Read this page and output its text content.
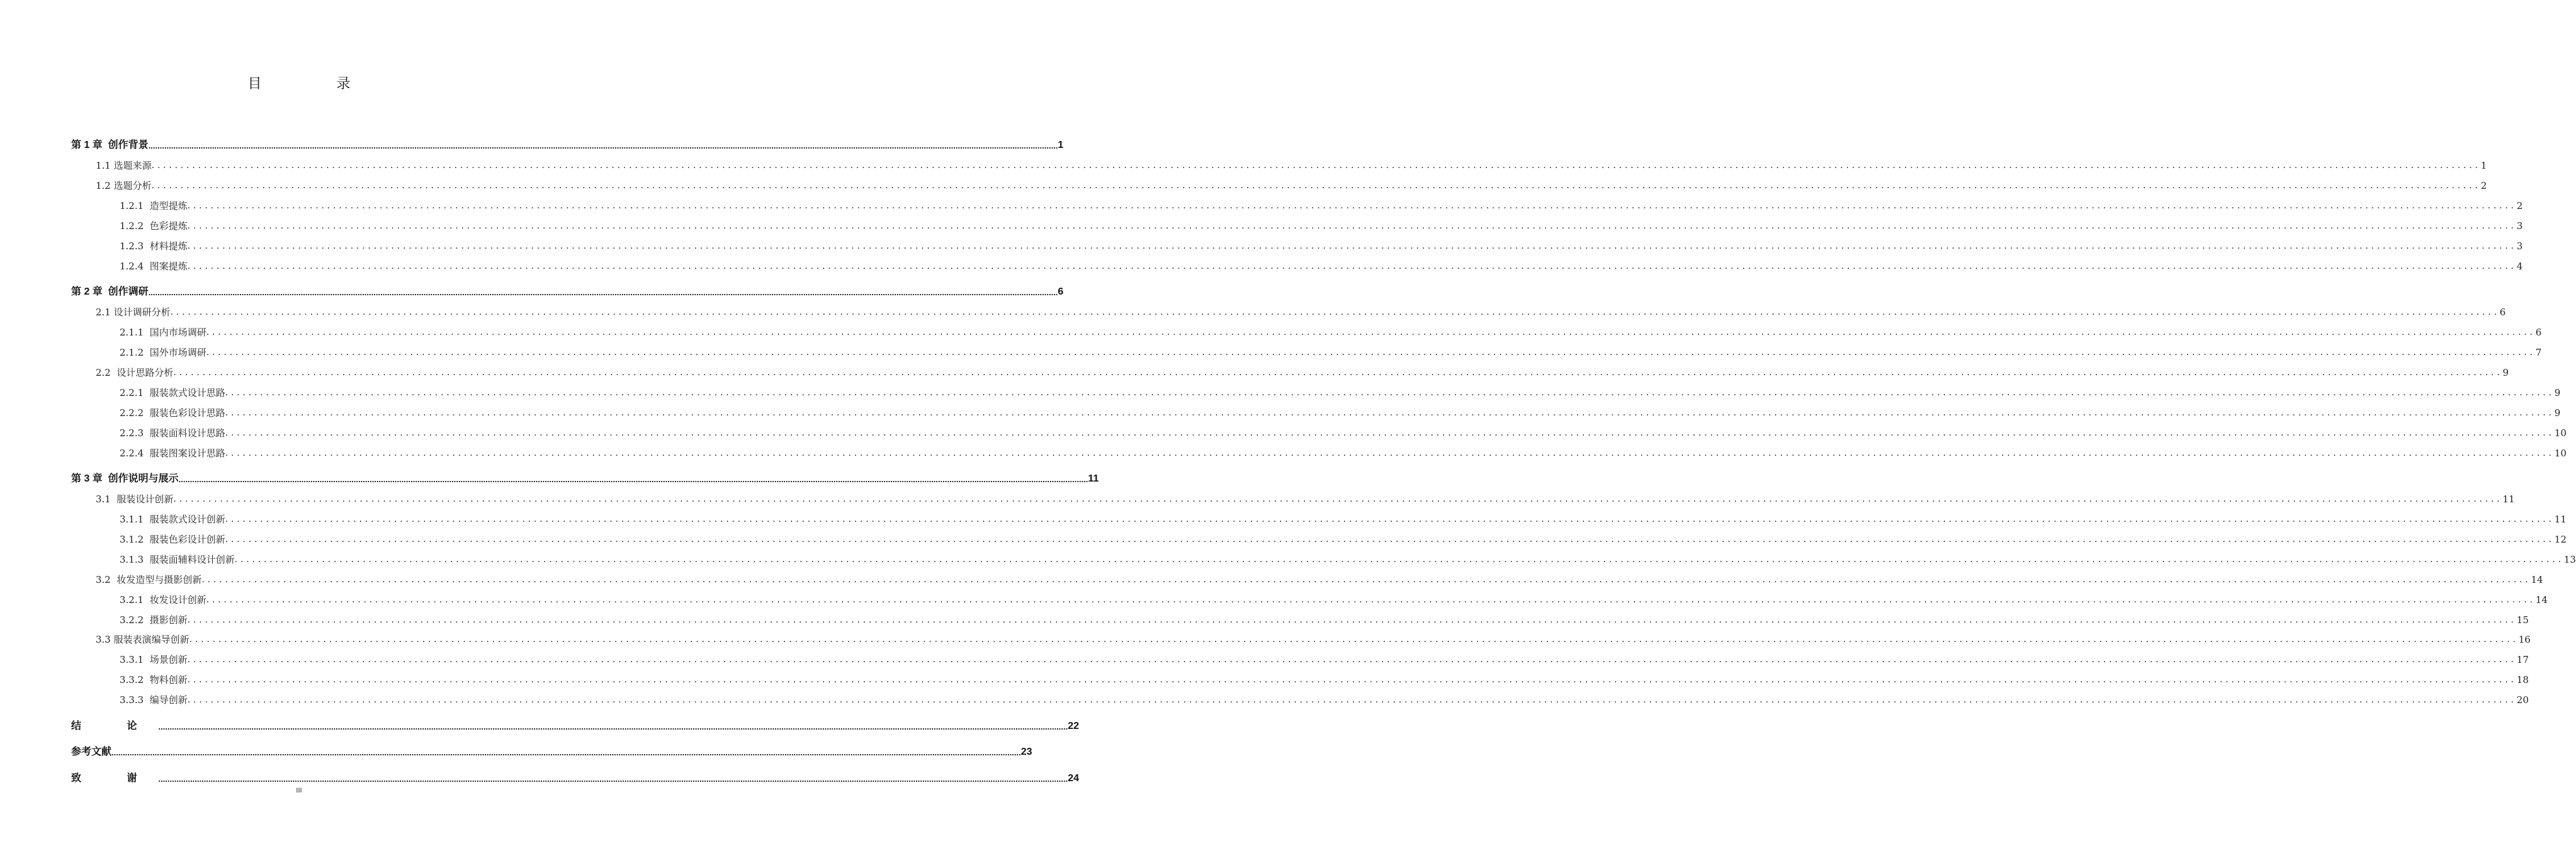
目 录
第 1 章  创作背景 ................................................................................................................................................................................................................................................................................................................................................................................................................ 1
1.1 选题来源 ................................................................................................................................................................................................................................................................................................................................................................................................................ 1
1.2 选题分析 ................................................................................................................................................................................................................................................................................................................................................................................................................ 2
1.2.1  造型提炼 ................................................................................................................................................................................................................................................................................................................................................................................................................ 2
1.2.2  色彩提炼 ................................................................................................................................................................................................................................................................................................................................................................................................................ 3
1.2.3  材料提炼 ................................................................................................................................................................................................................................................................................................................................................................................................................ 3
1.2.4  图案提炼 ................................................................................................................................................................................................................................................................................................................................................................................................................ 4
第 2 章  创作调研 ................................................................................................................................................................................................................................................................................................................................................................................................................ 6
2.1 设计调研分析 ................................................................................................................................................................................................................................................................................................................................................................................................................ 6
2.1.1  国内市场调研 ................................................................................................................................................................................................................................................................................................................................................................................................................ 6
2.1.2  国外市场调研 ................................................................................................................................................................................................................................................................................................................................................................................................................ 7
2.2  设计思路分析 ................................................................................................................................................................................................................................................................................................................................................................................................................ 9
2.2.1  服装款式设计思路 ................................................................................................................................................................................................................................................................................................................................................................................................................ 9
2.2.2  服装色彩设计思路 ................................................................................................................................................................................................................................................................................................................................................................................................................ 9
2.2.3  服装面料设计思路 ................................................................................................................................................................................................................................................................................................................................................................................................................ 10
2.2.4  服装图案设计思路 ................................................................................................................................................................................................................................................................................................................................................................................................................ 10
第 3 章  创作说明与展示 ................................................................................................................................................................................................................................................................................................................................................................................................................ 11
3.1  服装设计创新 ................................................................................................................................................................................................................................................................................................................................................................................................................ 11
3.1.1  服装款式设计创新 ................................................................................................................................................................................................................................................................................................................................................................................................................ 11
3.1.2  服装色彩设计创新 ................................................................................................................................................................................................................................................................................................................................................................................................................ 12
3.1.3  服装面辅料设计创新 ................................................................................................................................................................................................................................................................................................................................................................................................................ 13
3.2  妆发造型与摄影创新 ................................................................................................................................................................................................................................................................................................................................................................................................................ 14
3.2.1  妆发设计创新 ................................................................................................................................................................................................................................................................................................................................................................................................................ 14
3.2.2  摄影创新 ................................................................................................................................................................................................................................................................................................................................................................................................................ 15
3.3 服装表演编导创新 ................................................................................................................................................................................................................................................................................................................................................................................................................ 16
3.3.1  场景创新 ................................................................................................................................................................................................................................................................................................................................................................................................................ 17
3.3.2  物料创新 ................................................................................................................................................................................................................................................................................................................................................................................................................ 18
3.3.3  编导创新 ................................................................................................................................................................................................................................................................................................................................................................................................................ 20
结 论 ................................................................................................................................................................................................................................................................................................................................................................................................................ 22
参考文献 ................................................................................................................................................................................................................................................................................................................................................................................................................ 23
致 谢 ................................................................................................................................................................................................................................................................................................................................................................................................................ 24
III
